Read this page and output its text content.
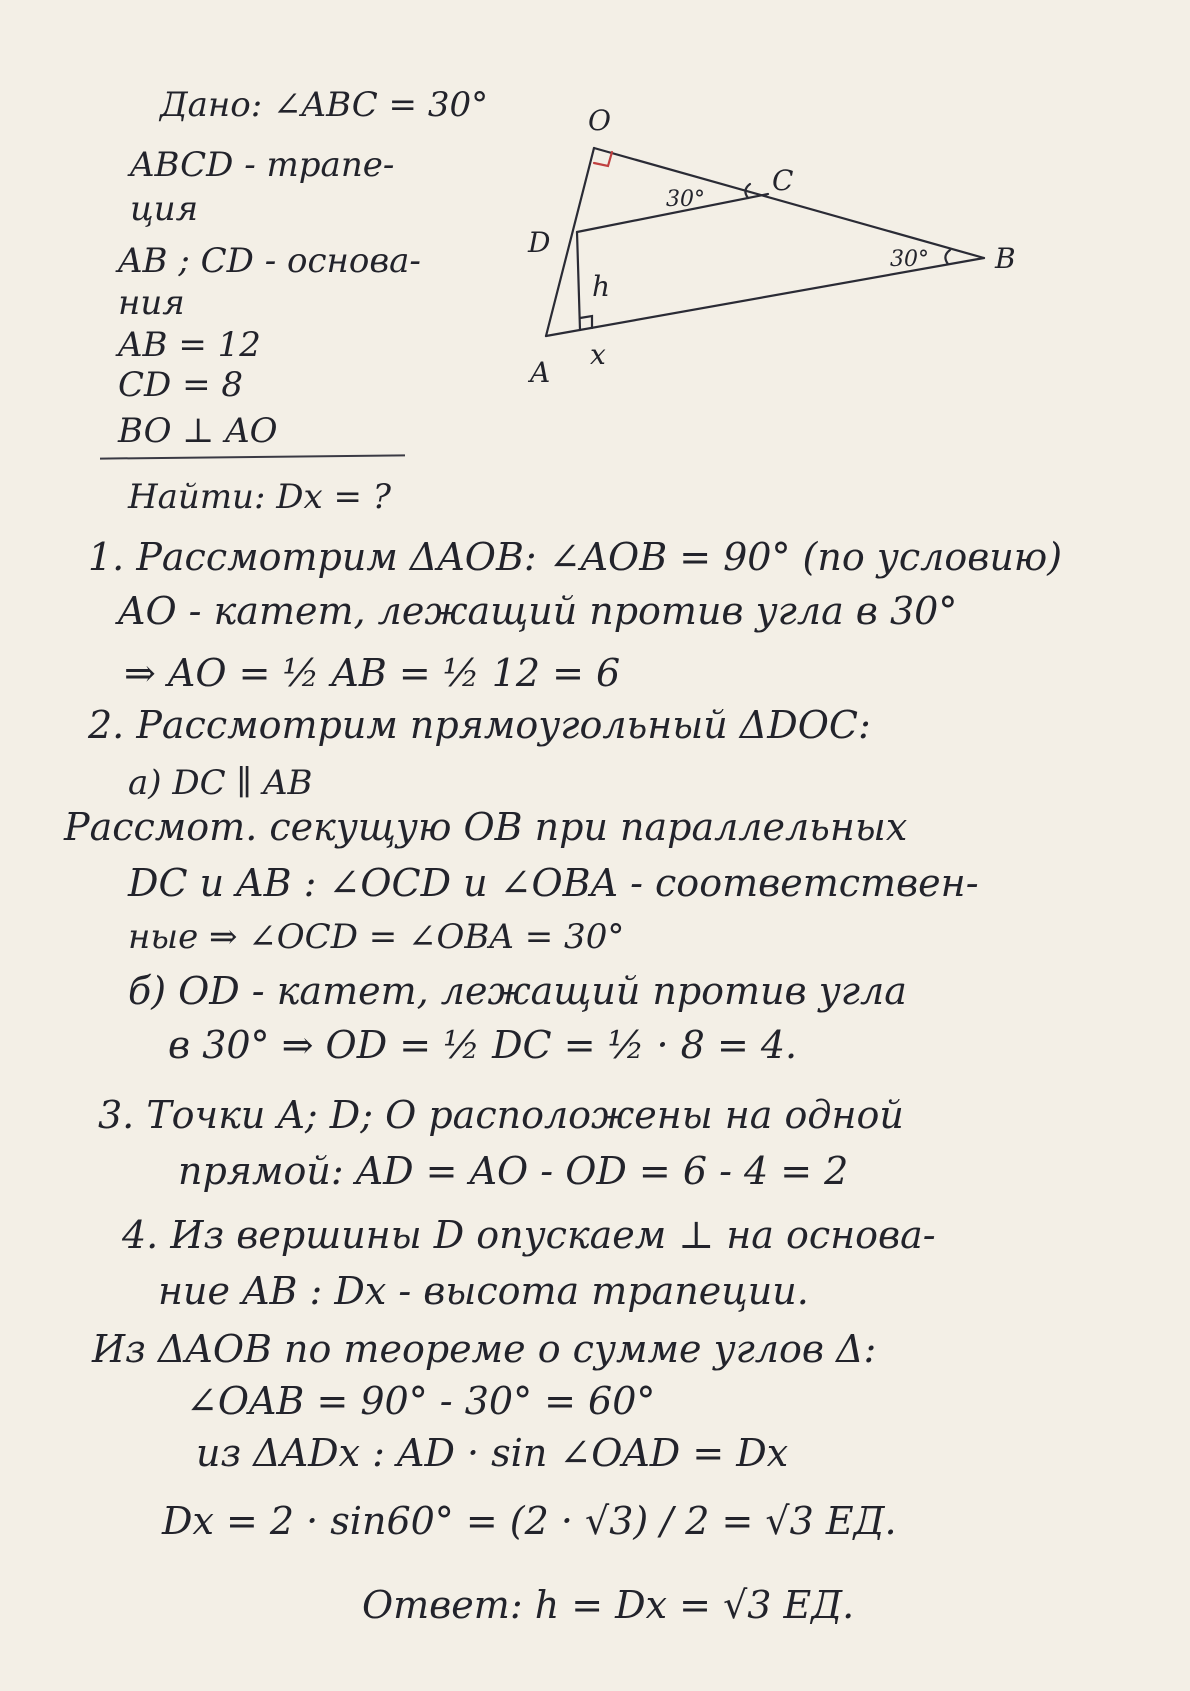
Дано: ∠ABC = 30°
ABCD - трапе-
ция
AB ; CD - основа-
ния
AB = 12
CD = 8
BO ⊥ AO
Найти: Dx = ?
O
C
D	B
A
x
h
30°
30°
1. Рассмотрим ΔAOB: ∠AOB = 90° (по условию)
AO - катет, лежащий против угла в 30°
⇒ AO = ½ AB = ½ 12 = 6
2. Рассмотрим прямоугольный ΔDOC:
а) DC ∥ AB
Рассмот. секущую OB при параллельных
DC и AB : ∠OCD и ∠OBA - соответствен-
ные ⇒ ∠OCD = ∠OBA = 30°
б) OD - катет, лежащий против угла
в 30° ⇒ OD = ½ DC = ½ · 8 = 4.
3. Точки A; D; O расположены на одной
прямой: AD = AO - OD = 6 - 4 = 2
4. Из вершины D опускаем ⊥ на основа-
ние AB : Dx - высота трапеции.
Из ΔAOB по теореме о сумме углов Δ:
∠OAB = 90° - 30° = 60°
из ΔADx : AD · sin ∠OAD = Dx
Dx = 2 · sin60° = (2 · √3) / 2 = √3 ЕД.
Ответ: h = Dx = √3 ЕД.
